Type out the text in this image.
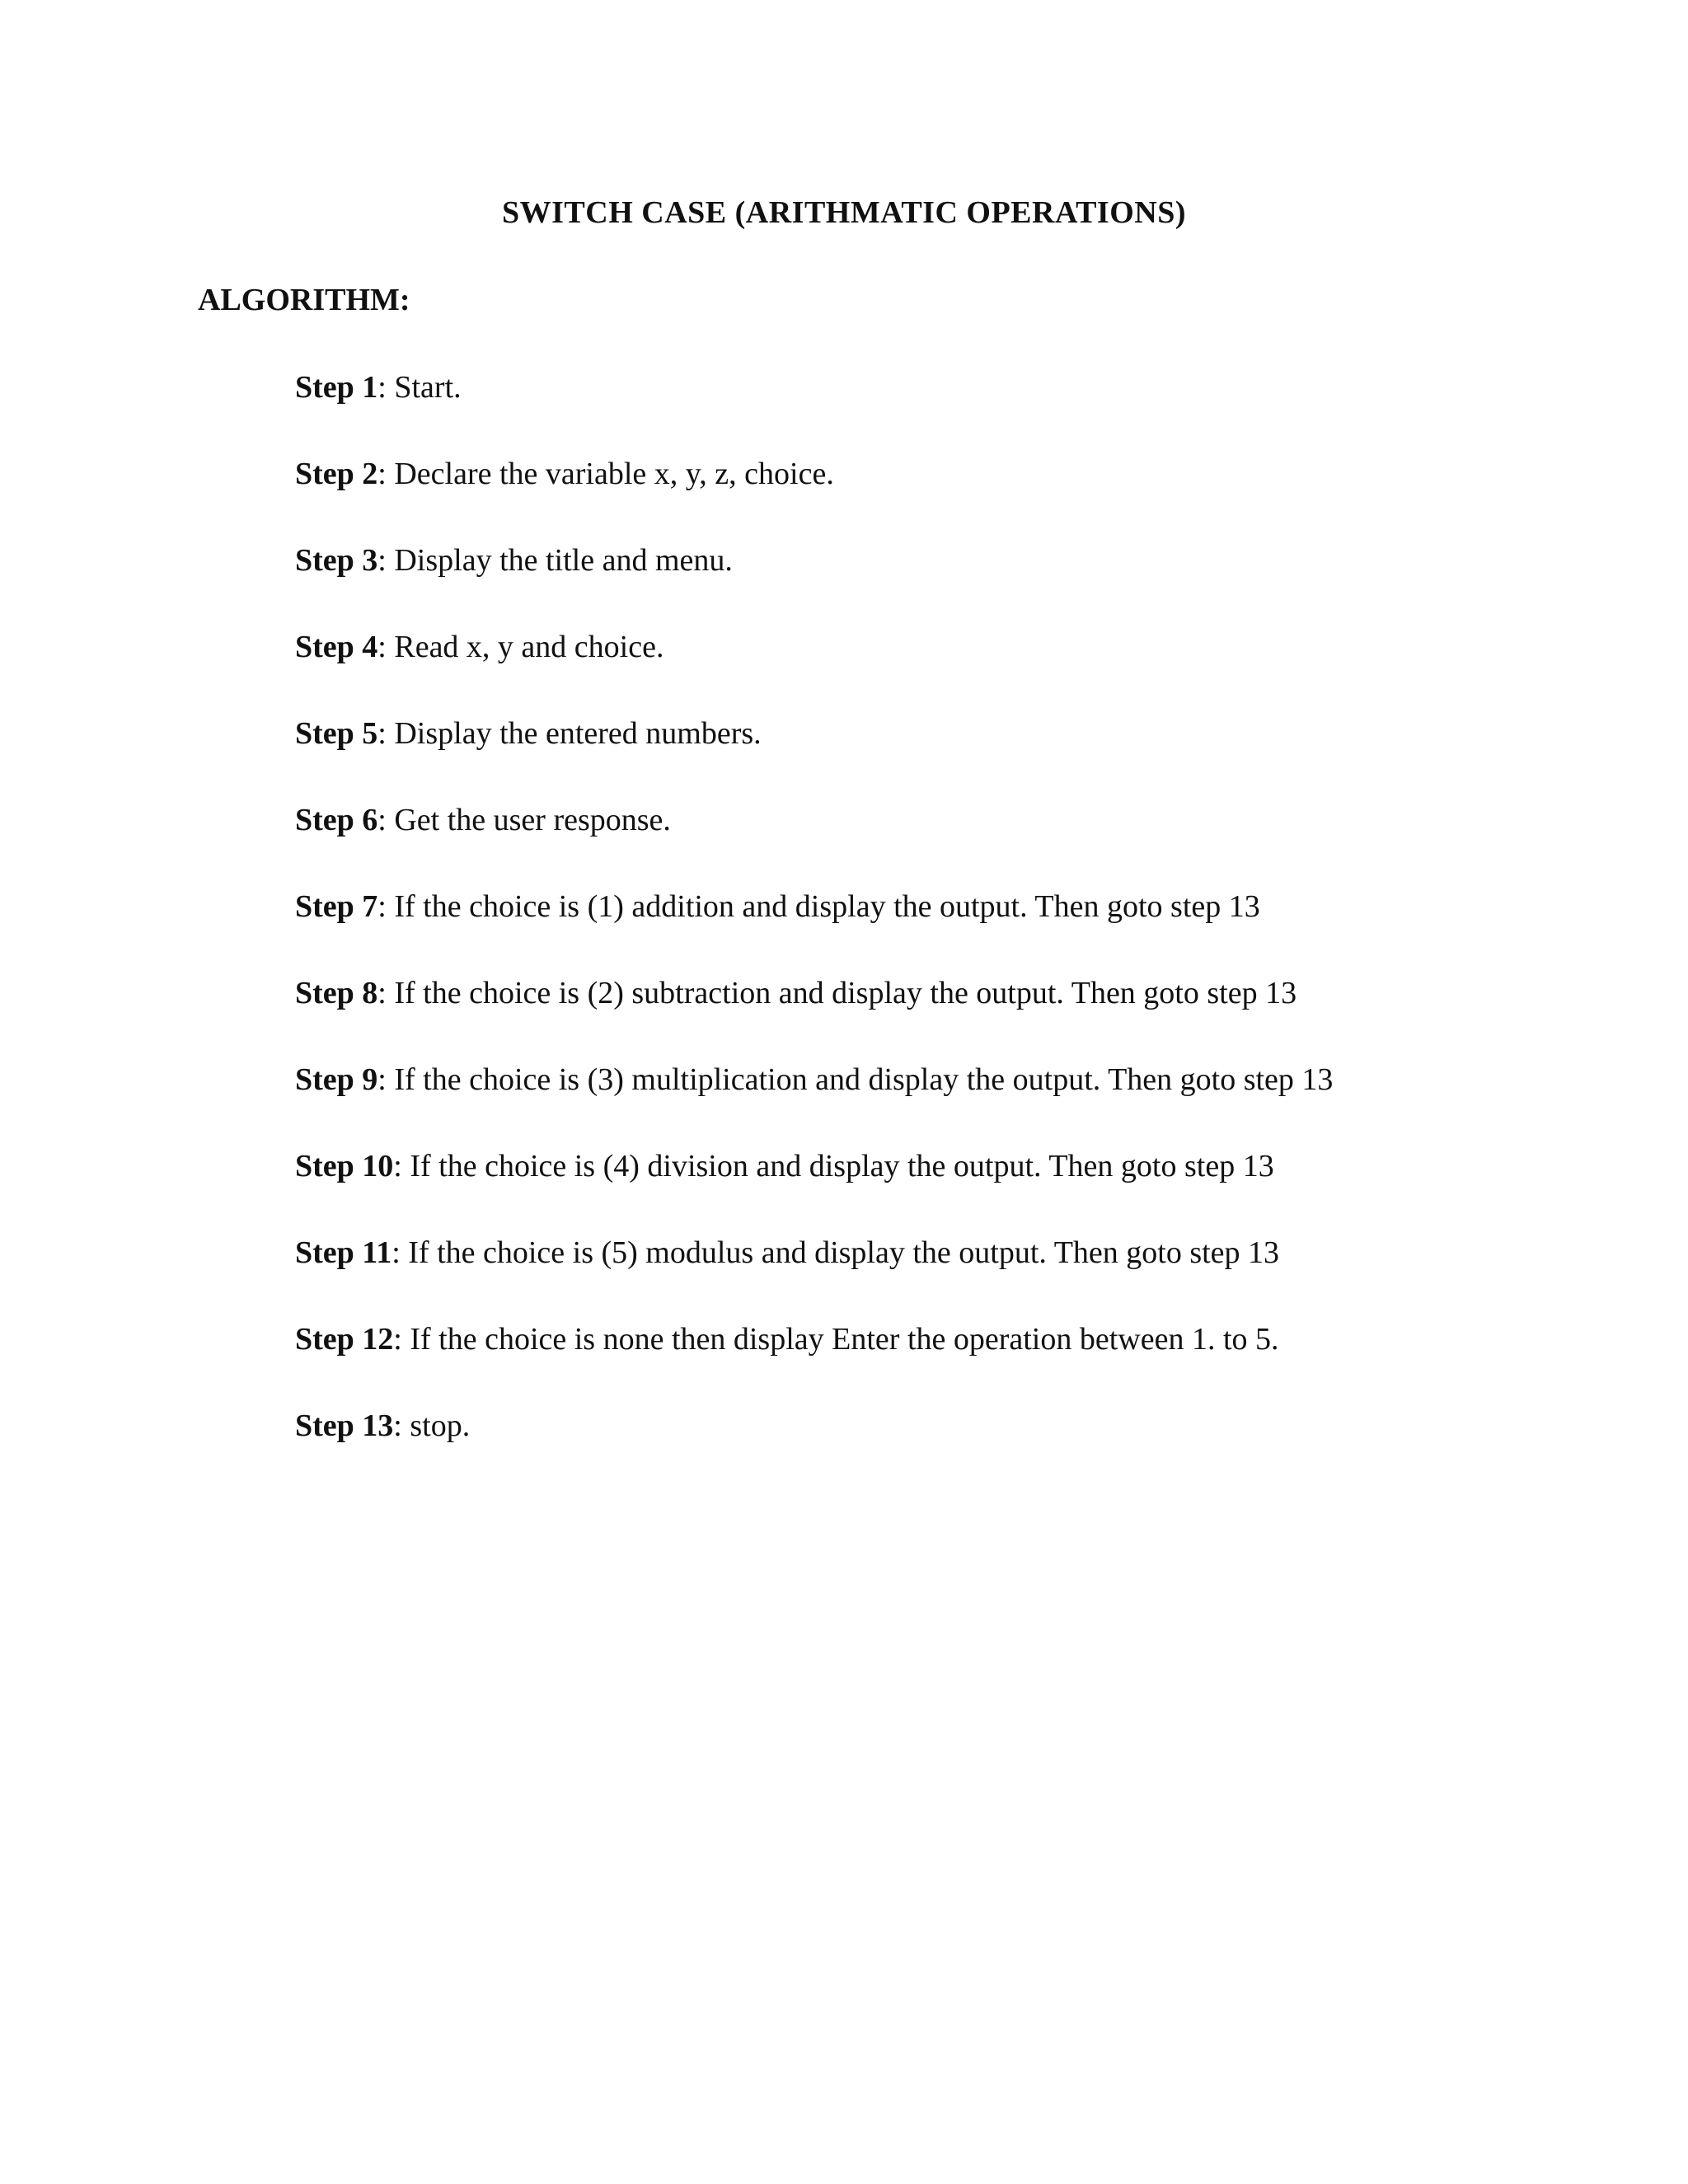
SWITCH CASE (ARITHMATIC OPERATIONS)
ALGORITHM:
Step 1: Start.
Step 2: Declare the variable x, y, z, choice.
Step 3: Display the title and menu.
Step 4: Read x, y and choice.
Step 5: Display the entered numbers.
Step 6: Get the user response.
Step 7: If the choice is (1) addition and display the output. Then goto step 13
Step 8: If the choice is (2) subtraction and display the output. Then goto step 13
Step 9: If the choice is (3) multiplication and display the output. Then goto step 13
Step 10: If the choice is (4) division and display the output. Then goto step 13
Step 11: If the choice is (5) modulus and display the output. Then goto step 13
Step 12: If the choice is none then display Enter the operation between 1. to 5.
Step 13: stop.
